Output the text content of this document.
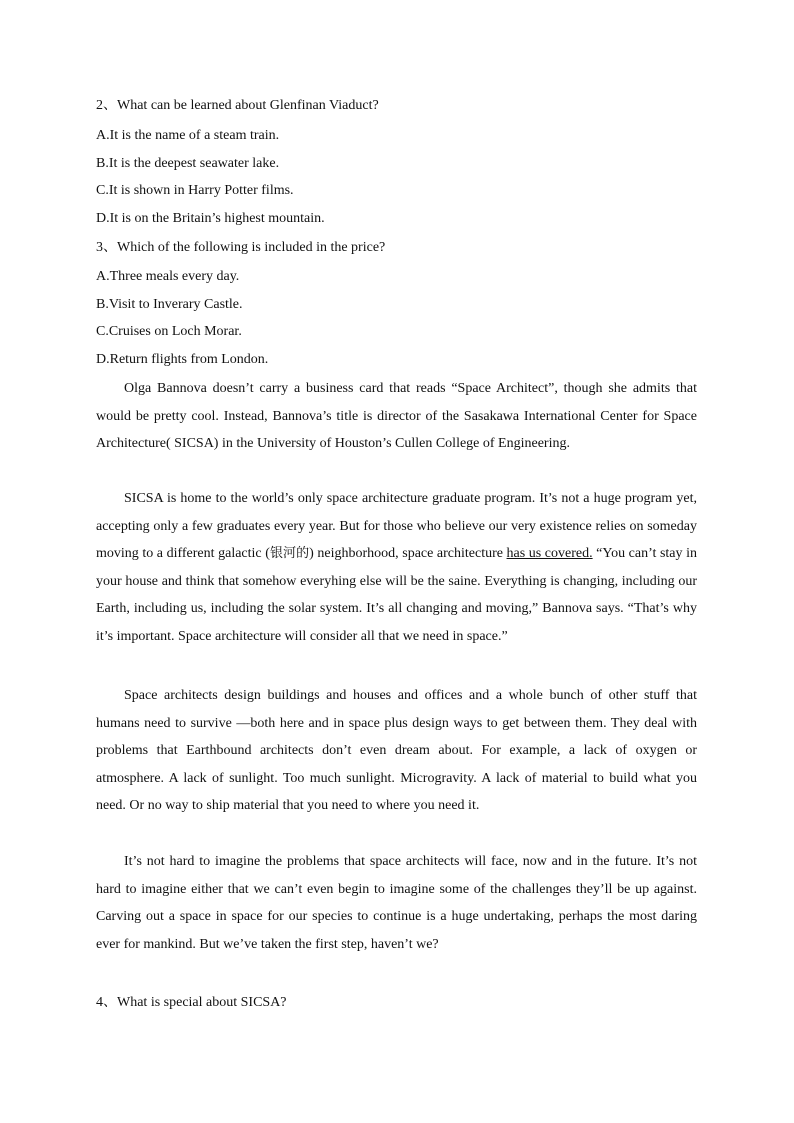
2、What can be learned about Glenfinan Viaduct?

A.It is the name of a steam train.

B.It is the deepest seawater lake.

C.It is shown in Harry Potter films.

D.It is on the Britain’s highest mountain.

3、Which of the following is included in the price?

A.Three meals every day.

B.Visit to Inverary Castle.

C.Cruises on Loch Morar.

D.Return flights from London.

Olga Bannova doesn’t carry a business card that reads “Space Architect”, though she admits that would be pretty cool. Instead, Bannova’s title is director of the Sasakawa International Center for Space Architecture( SICSA) in the University of Houston’s Cullen College of Engineering.

SICSA is home to the world’s only space architecture graduate program. It’s not a huge program yet, accepting only a few graduates every year. But for those who believe our very existence relies on someday moving to a different galactic (银河的) neighborhood, space architecture has us covered. “You can’t stay in your house and think that somehow everyhing else will be the saine. Everything is changing, including our Earth, including us, including the solar system. It’s all changing and moving,” Bannova says. “That’s why it’s important. Space architecture will consider all that we need in space.”

Space architects design buildings and houses and offices and a whole bunch of other stuff that humans need to survive —both here and in space plus design ways to get between them. They deal with problems that Earthbound architects don’t even dream about. For example, a lack of oxygen or atmosphere. A lack of sunlight. Too much sunlight. Microgravity. A lack of material to build what you need. Or no way to ship material that you need to where you need it.

It’s not hard to imagine the problems that space architects will face, now and in the future. It’s not hard to imagine either that we can’t even begin to imagine some of the challenges they’ll be up against. Carving out a space in space for our species to continue is a huge undertaking, perhaps the most daring ever for mankind. But we’ve taken the first step, haven’t we?

4、What is special about SICSA?
